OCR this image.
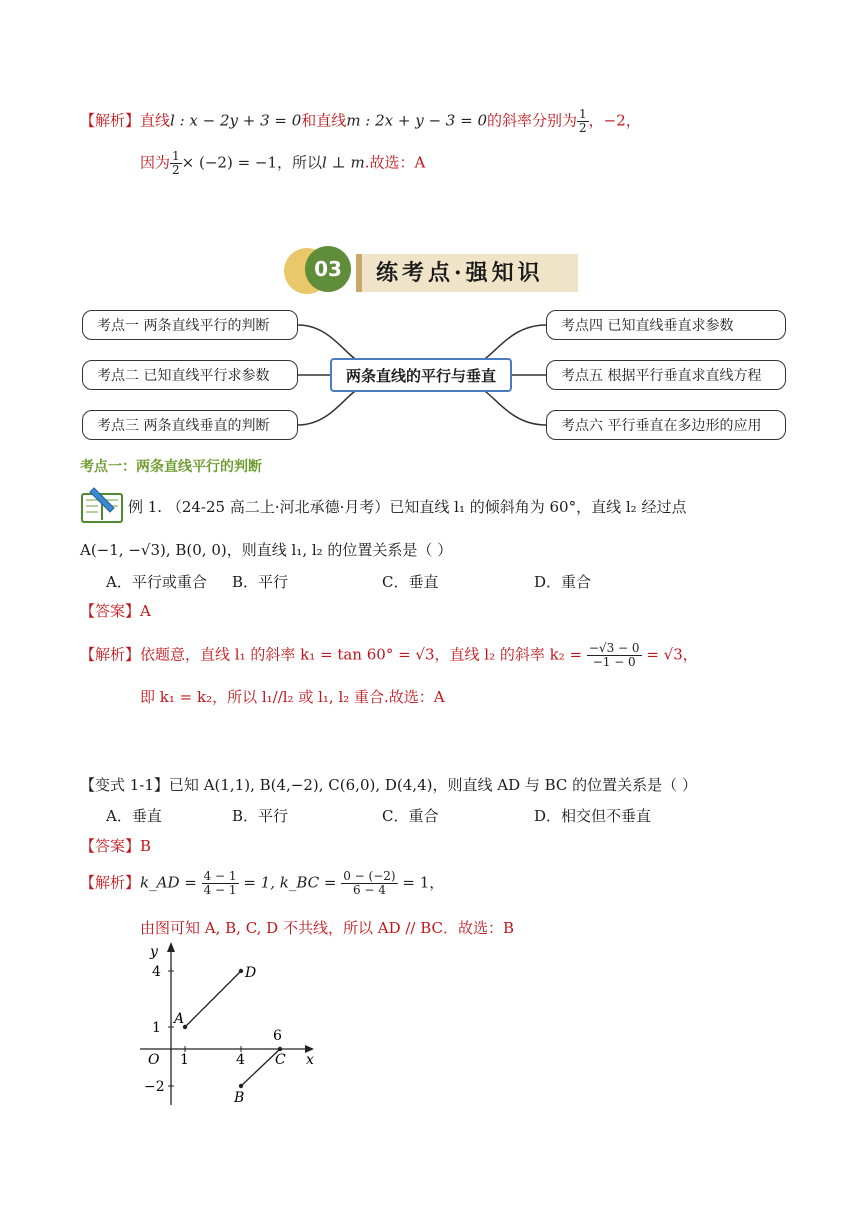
【解析】直线l : x − 2y + 3 = 0和直线m : 2x + y − 3 = 0的斜率分别为 $\frac{1}{2}$ ，−2，
因为 $\frac{1}{2} \times (-2) = -1$，所以l ⊥ m.故选：A
03	练考点·强知识
考点一 两条直线平行的判断
考点二 已知直线平行求参数
考点三 两条直线垂直的判断
两条直线的平行与垂直
考点四 已知直线垂直求参数
考点五 根据平行垂直求直线方程
考点六 平行垂直在多边形的应用
考点一：两条直线平行的判断
例 1. （24-25 高二上·河北承德·月考）已知直线 l₁ 的倾斜角为 60°，直线 l₂ 经过点
A(−1, −√3), B(0, 0)，则直线 l₁, l₂ 的位置关系是（ ）
A．平行或重合 B．平行	C．垂直	D．重合
【答案】A
【解析】依题意，直线 l₁ 的斜率 k₁ = tan 60° = √3，直线 l₂ 的斜率 $k_2 = \frac{-√3 - 0}{-1 - 0} = √3$，
即 k₁ = k₂，所以 l₁//l₂ 或 l₁, l₂ 重合.故选：A
【变式 1-1】已知 A(1,1), B(4,−2), C(6,0), D(4,4)，则直线 AD 与 BC 的位置关系是（ ）
A．垂直	B．平行	C．重合	D．相交但不垂直
【答案】B
【解析】k_AD = $\frac{4 - 1}{4 - 1} = 1$, k_BC = $\frac{0 - (-2)}{6 - 4} = 1$，
由图可知 A, B, C, D 不共线，所以 AD // BC．故选：B
x
y
O
4
1
−2
1	4
6
A
D
B
C
